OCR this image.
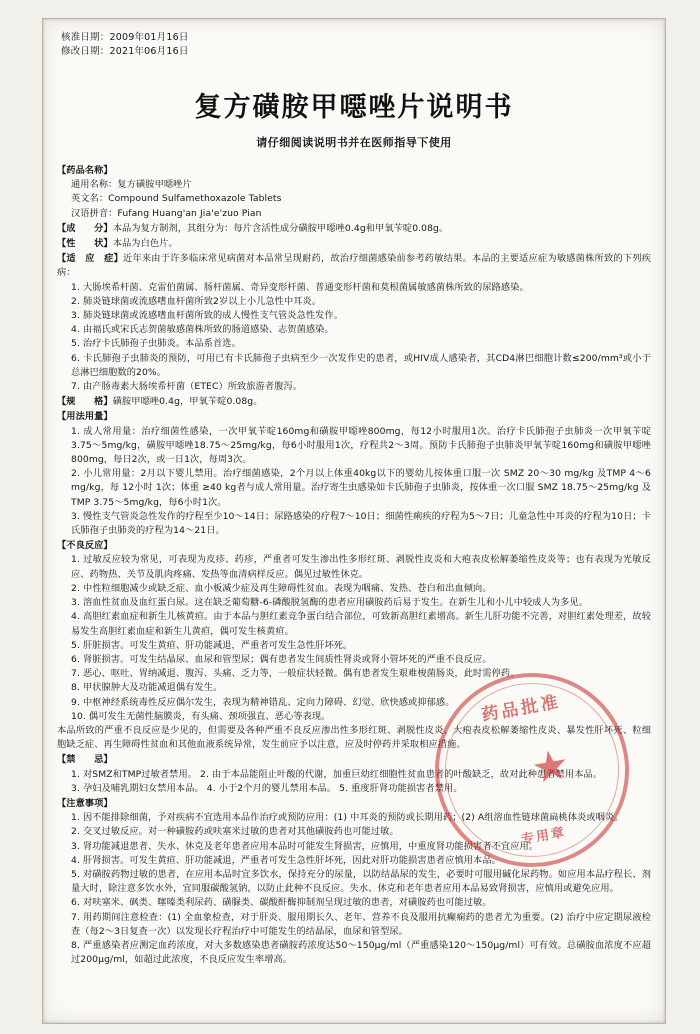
核准日期：2009年01月16日
修改日期：2021年06月16日
复方磺胺甲噁唑片说明书
请仔细阅读说明书并在医师指导下使用
【药品名称】
通用名称：复方磺胺甲噁唑片
英文名：Compound Sulfamethoxazole Tablets
汉语拼音：Fufang Huang'an Jia'e'zuo Pian
【成　　分】本品为复方制剂，其组分为：每片含活性成分磺胺甲噁唑0.4g和甲氧苄啶0.08g。
【性　　状】本品为白色片。
【适　应　症】近年来由于许多临床常见病菌对本品常呈现耐药，故治疗细菌感染前参考药敏结果。本品的主要适应症为敏感菌株所致的下列疾病：
1. 大肠埃希杆菌、克雷伯菌属、肠杆菌属、奇异变形杆菌、普通变形杆菌和莫根菌属敏感菌株所致的尿路感染。
2. 肺炎链球菌或流感嗜血杆菌所致2岁以上小儿急性中耳炎。
3. 肺炎链球菌或流感嗜血杆菌所致的成人慢性支气管炎急性发作。
4. 由福氏或宋氏志贺菌敏感菌株所致的肠道感染、志贺菌感染。
5. 治疗卡氏肺孢子虫肺炎。本品系首选。
6. 卡氏肺孢子虫肺炎的预防，可用已有卡氏肺孢子虫病至少一次发作史的患者，或HIV成人感染者，其CD4淋巴细胞计数≤200/mm³或小于总淋巴细胞数的20%。
7. 由产肠毒素大肠埃希杆菌（ETEC）所致旅游者腹泻。
【规　　格】磺胺甲噁唑0.4g，甲氧苄啶0.08g。
【用法用量】
1. 成人常用量：治疗细菌性感染，一次甲氧苄啶160mg和磺胺甲噁唑800mg，每12小时服用1次。治疗卡氏肺孢子虫肺炎一次甲氧苄啶3.75～5mg/kg，磺胺甲噁唑18.75～25mg/kg，每6小时服用1次，疗程共2～3周。预防卡氏肺孢子虫肺炎甲氧苄啶160mg和磺胺甲噁唑800mg，每日2次，或一日1次，每周3次。
2. 小儿常用量：2月以下婴儿禁用。治疗细菌感染，2个月以上体重40kg以下的婴幼儿按体重口服一次 SMZ 20～30 mg/kg 及TMP 4～6 mg/kg，每 12小时 1次；体重 ≥40 kg者与成人常用量。治疗寄生虫感染如卡氏肺孢子虫肺炎，按体重一次口服 SMZ 18.75～25mg/kg 及TMP 3.75～5mg/kg，每6小时1次。
3. 慢性支气管炎急性发作的疗程至少10～14日；尿路感染的疗程7～10日；细菌性痢疾的疗程为5～7日；儿童急性中耳炎的疗程为10日；卡氏肺孢子虫肺炎的疗程为14～21日。
【不良反应】
1. 过敏反应较为常见，可表现为皮疹、药疹，严重者可发生渗出性多形红斑、剥脱性皮炎和大疱表皮松解萎缩性皮炎等；也有表现为光敏反应、药物热、关节及肌肉疼痛、发热等血清病样反应。偶见过敏性休克。
2. 中性粒细胞减少或缺乏症、血小板减少症及再生障碍性贫血。表现为咽痛、发热、苍白和出血倾向。
3. 溶血性贫血及血红蛋白尿。这在缺乏葡萄糖-6-磷酸脱氢酶的患者应用磺胺药后易于发生。在新生儿和小儿中较成人为多见。
4. 高胆红素血症和新生儿核黄疸。由于本品与胆红素竞争蛋白结合部位，可致新高胆红素增高。新生儿肝功能不完善，对胆红素处理差，故较易发生高胆红素血症和新生儿黄疸，偶可发生核黄疸。
5. 肝脏损害。可发生黄疸、肝功能减退，严重者可发生急性肝坏死。
6. 肾脏损害。可发生结晶尿、血尿和管型尿；偶有患者发生间质性肾炎或肾小管坏死的严重不良反应。
7. 恶心、呕吐、胃纳减退、腹泻、头痛、乏力等，一般症状轻微。偶有患者发生艰难梭菌肠炎，此时需停药。
8. 甲状腺肿大及功能减退偶有发生。
9. 中枢神经系统毒性反应偶尔发生，表现为精神错乱、定向力障碍、幻觉、欣快感或抑郁感。
10. 偶可发生无菌性脑膜炎，有头痛、颈项强直、恶心等表现。
本品所致的严重不良反应是少见的，但需要及各种严重不良反应渗出性多形红斑、剥脱性皮炎、大疱表皮松解萎缩性皮炎、暴发性肝坏死、粒细胞缺乏症、再生障碍性贫血和其他血液系统异常，发生前应予以注意，应及时停药并采取相应措施。
【禁　　忌】
1. 对SMZ和TMP过敏者禁用。 2. 由于本品能阻止叶酸的代谢，加重巨幼红细胞性贫血患者的叶酸缺乏，故对此种患者禁用本品。
3. 孕妇及哺乳期妇女禁用本品。 4. 小于2个月的婴儿禁用本品。 5. 重度肝肾功能损害者禁用。
【注意事项】
1. 因不能排除细菌，予对疾病不宜选用本品作治疗或预防应用：(1) 中耳炎的预防或长期用药；(2) A组溶血性链球菌扁桃体炎或咽炎。
2. 交叉过敏反应。对一种磺胺药或呋塞米过敏的患者对其他磺胺药也可能过敏。
3. 肾功能减退患者、失水、休克及老年患者应用本品时可能发生肾损害，应慎用，中重度肾功能损害者不宜应用。
4. 肝肾损害。可发生黄疸、肝功能减退，严重者可发生急性肝坏死，因此对肝功能损害患者应慎用本品。
5. 对磺胺药物过敏的患者，在应用本品时宜多饮水，保持充分的尿量，以防结晶尿的发生，必要时可服用碱化尿药物。如应用本品疗程长、剂量大时，除注意多饮水外，宜同服碳酸氢钠，以防止此种不良反应。失水、休克和老年患者应用本品易致肾损害，应慎用或避免应用。
6. 对呋塞米、砜类、噻嗪类利尿药、磺脲类、碳酸酐酶抑制剂呈现过敏的患者，对磺胺药也可能过敏。
7. 用药期间注意检查：(1) 全血象检查，对于肝炎、服用期长久、老年、营养不良及服用抗癫痫药的患者尤为重要。(2) 治疗中应定期尿液检查（每2～3日复查一次）以发现长疗程治疗中可能发生的结晶尿，血尿和管型尿。
8. 严重感染者应测定血药浓度，对大多数感染患者磺胺药浓度达50～150μg/ml（严重感染120～150μg/ml）可有效。总磺胺血浓度不应超过200μg/ml，如超过此浓度，不良反应发生率增高。
药品批准
★
专用章
